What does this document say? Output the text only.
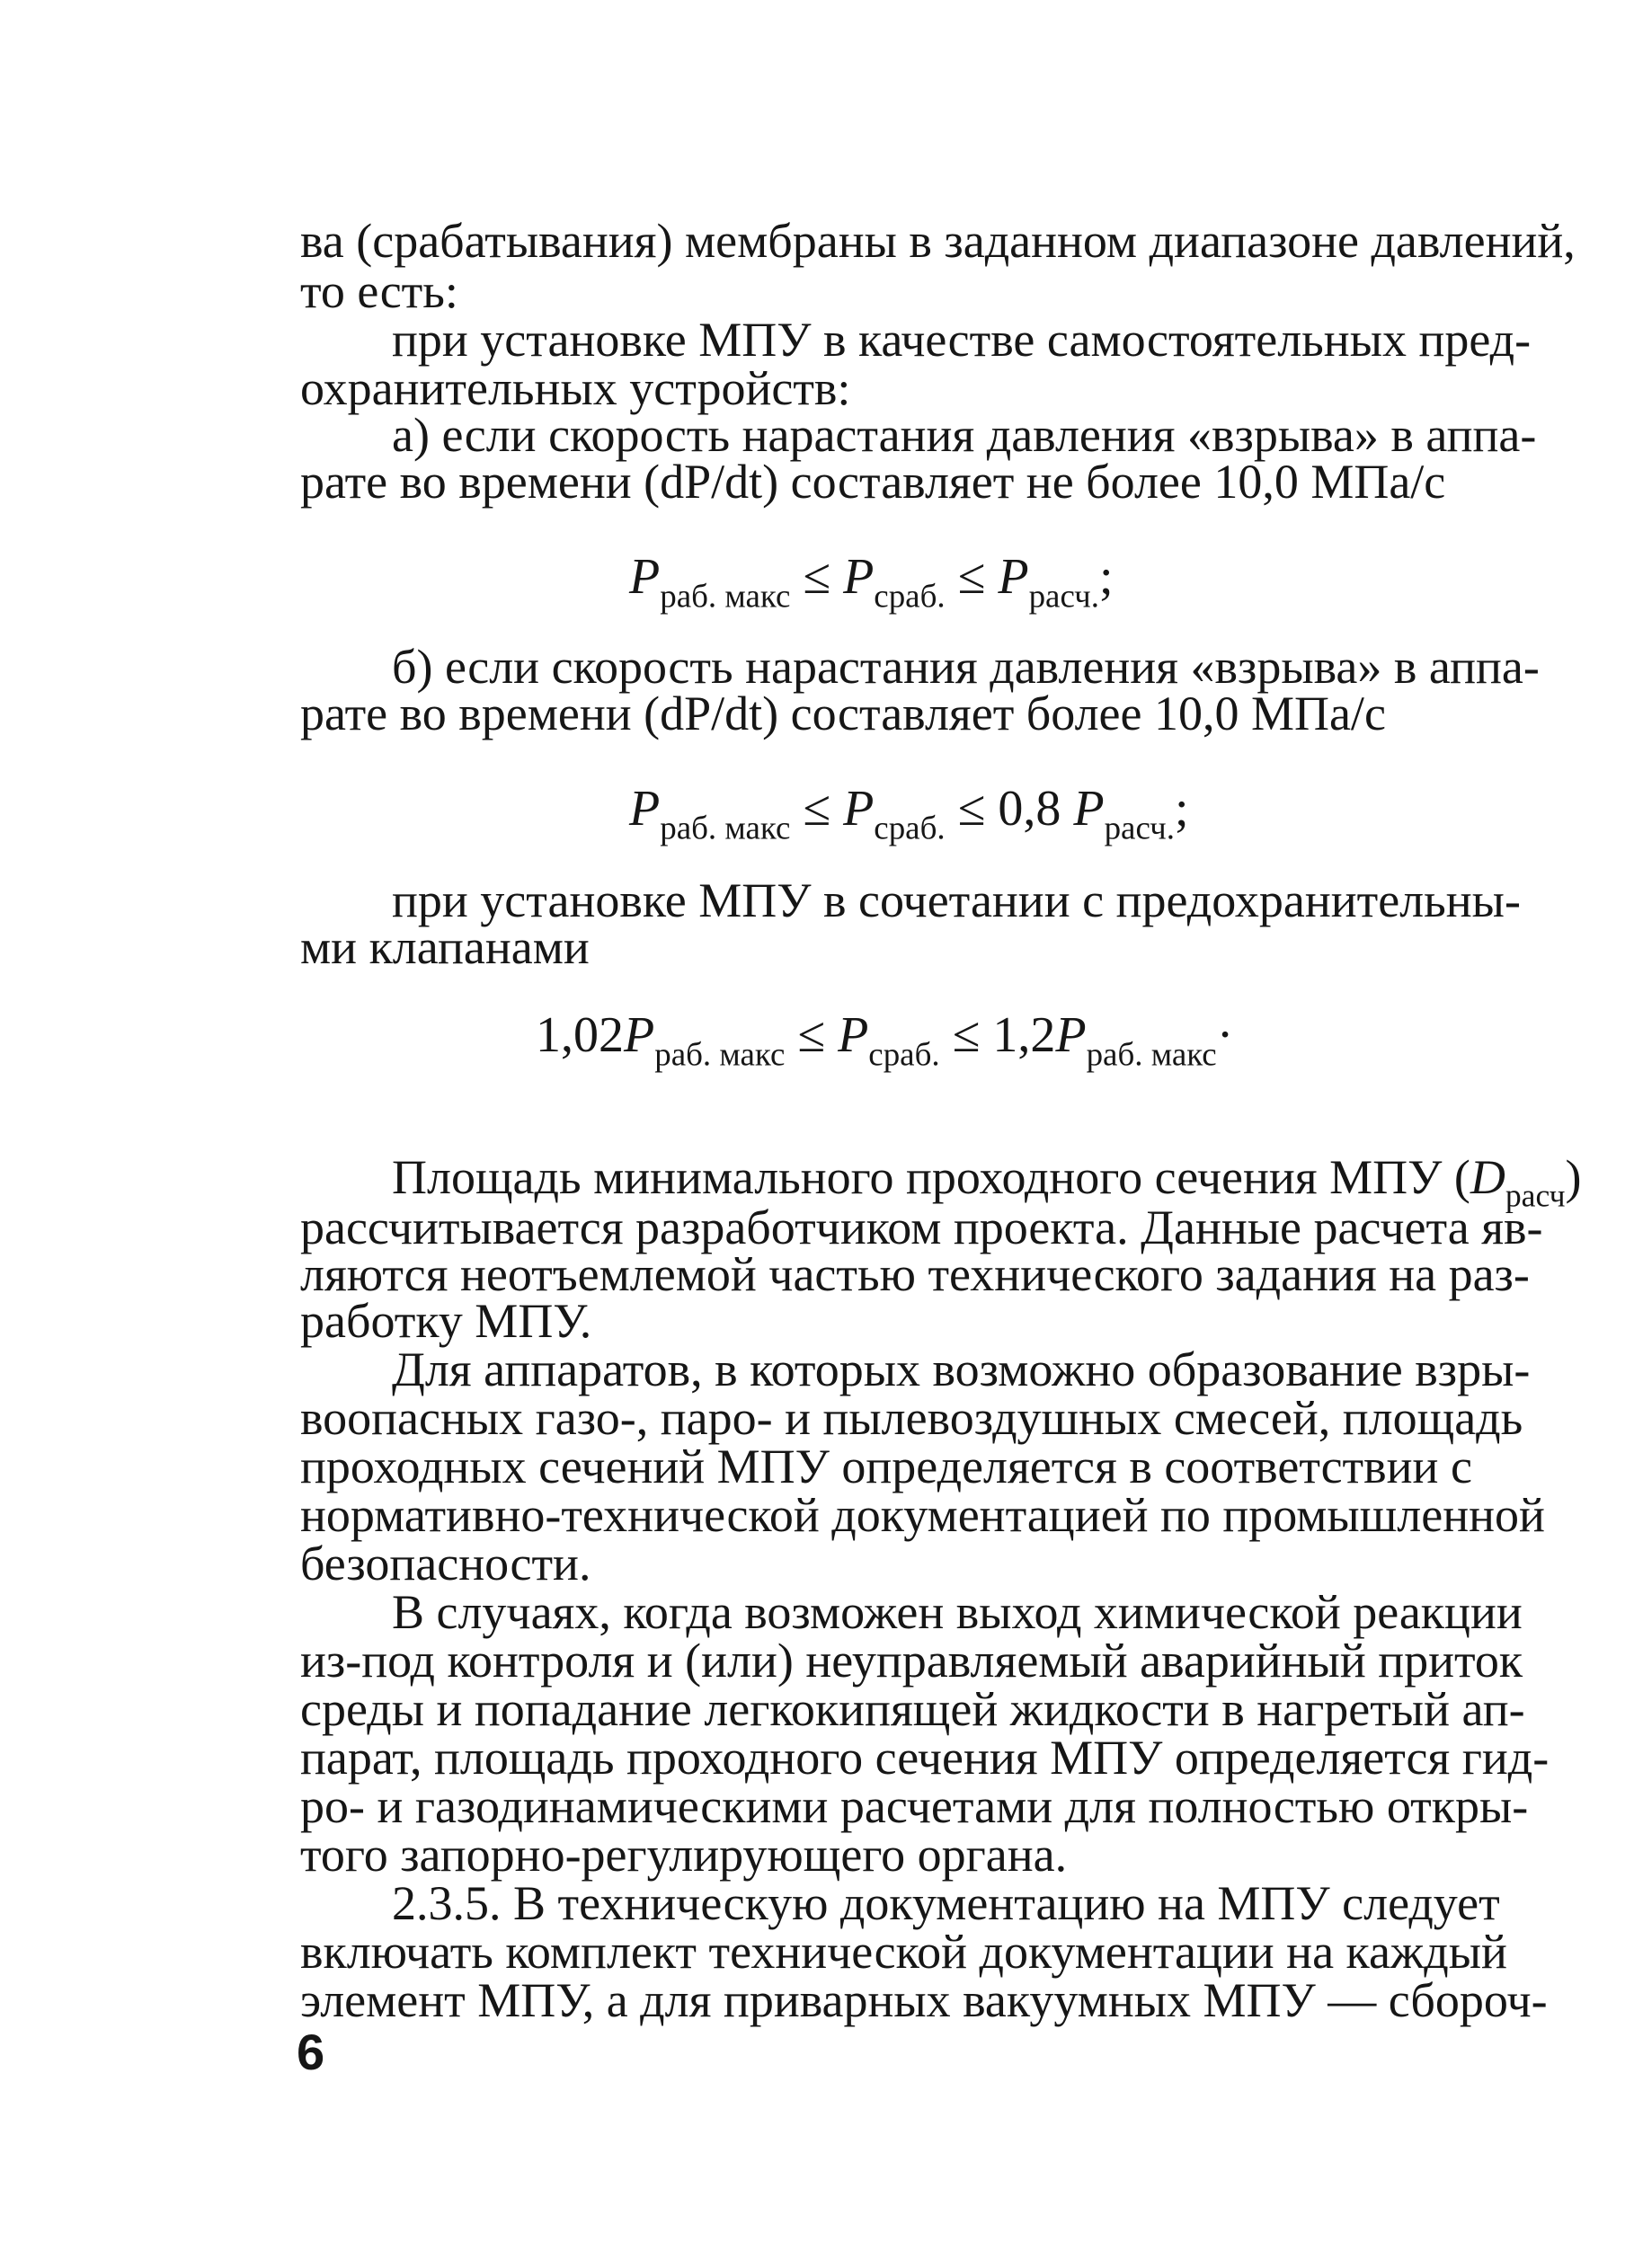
ва (срабатывания) мембраны в заданном диапазоне давлений,
то есть:
при установке МПУ в качестве самостоятельных пред-
охранительных устройств:
а) если скорость нарастания давления «взрыва» в аппа-
рате во времени (dP/dt) составляет не более 10,0 МПа/с
$P_{раб. макс} \le P_{сраб.} \le P_{расч.}$;
б) если скорость нарастания давления «взрыва» в аппа-
рате во времени (dP/dt) составляет более 10,0 МПа/с
$P_{раб. макс} \le P_{сраб.} \le 0,8$ $P_{расч.}$;
при установке МПУ в сочетании с предохранительны-
ми клапанами
$1,02P_{раб. макс} \le P_{сраб.} \le 1,2P_{раб. макс}\cdot$
Площадь минимального проходного сечения МПУ $(D_{расч})$
рассчитывается разработчиком проекта. Данные расчета яв-
ляются неотъемлемой частью технического задания на раз-
работку МПУ.
Для аппаратов, в которых возможно образование взры-
воопасных газо-, паро- и пылевоздушных смесей, площадь
проходных сечений МПУ определяется в соответствии с
нормативно-технической документацией по промышленной
безопасности.
В случаях, когда возможен выход химической реакции
из-под контроля и (или) неуправляемый аварийный приток
среды и попадание легкокипящей жидкости в нагретый ап-
парат, площадь проходного сечения МПУ определяется гид-
ро- и газодинамическими расчетами для полностью откры-
того запорно-регулирующего органа.
2.3.5. В техническую документацию на МПУ следует
включать комплект технической документации на каждый
элемент МПУ, а для приварных вакуумных МПУ — сбороч-
6
